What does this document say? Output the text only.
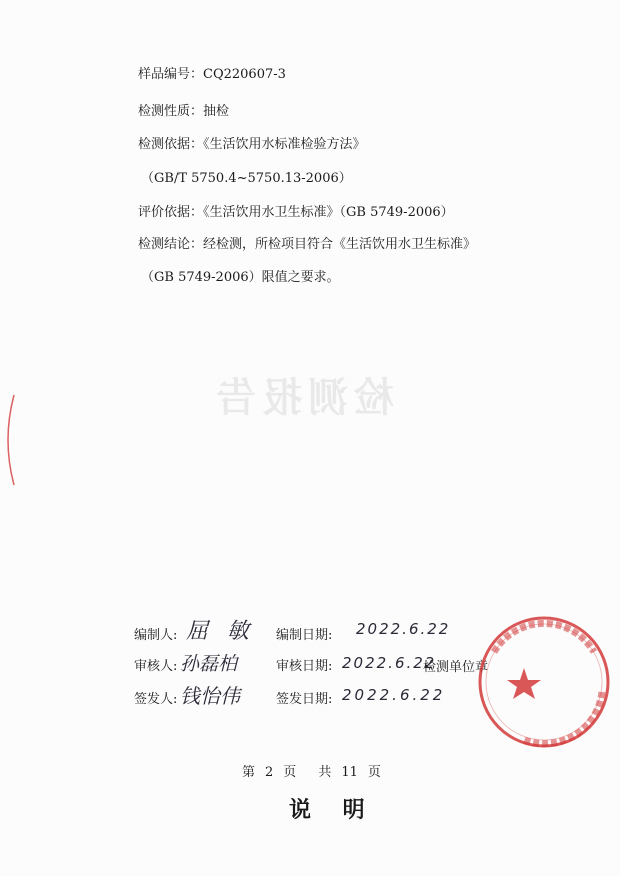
检测报告
样品编号：CQ220607-3
检测性质：抽检
检测依据：《生活饮用水标准检验方法》
（GB/T 5750.4~5750.13-2006）
评价依据：《生活饮用水卫生标准》（GB 5749-2006）
检测结论：经检测，所检项目符合《生活饮用水卫生标准》
（GB 5749-2006）限值之要求。
编制人: 屈 敏 编制日期: 2022.6.22
审核人: 孙磊柏	审核日期: 2022.6.22
检测单位章
签发人: 钱怡伟	签发日期: 2022.6.22
第 2 页 共 11 页
说 明
